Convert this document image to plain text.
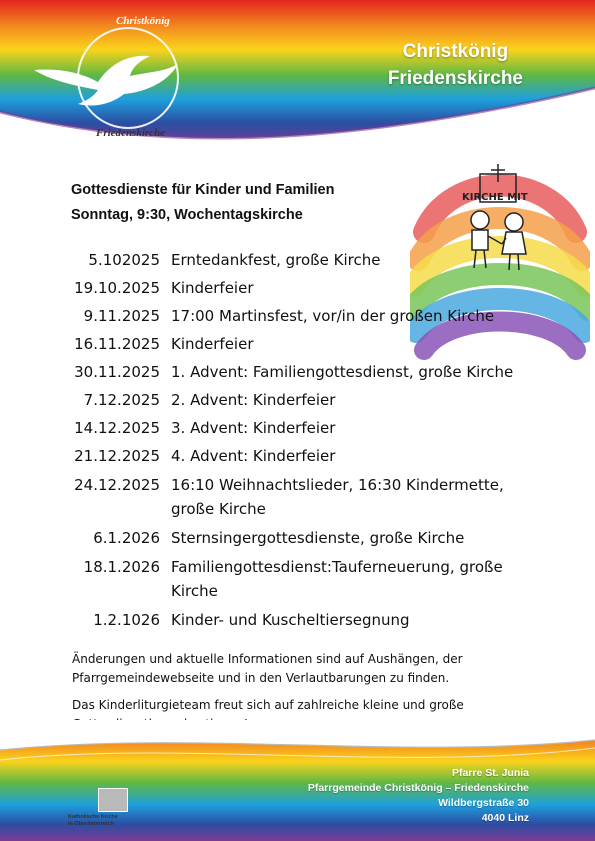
Christkönig
Friedenskirche
Christkönig
Friedenskirche
KIRCHE MIT
Gottesdienste für Kinder und Familien
Sonntag, 9:30, Wochentagskirche
5.102025 Erntedankfest, große Kirche
19.10.2025 Kinderfeier
9.11.2025 17:00 Martinsfest, vor/in der großen Kirche
16.11.2025 Kinderfeier
30.11.2025 1. Advent: Familiengottesdienst, große Kirche
7.12.2025 2. Advent: Kinderfeier
14.12.2025 3. Advent: Kinderfeier
21.12.2025 4. Advent: Kinderfeier
24.12.2025 16:10 Weihnachtslieder, 16:30 Kindermette, große Kirche
6.1.2026 Sternsingergottesdienste, große Kirche
18.1.2026 Familiengottesdienst:Tauferneuerung, große Kirche
1.2.1026 Kinder- und Kuscheltiersegnung

Änderungen und aktuelle Informationen sind auf Aushängen, der Pfarrgemeindewebseite und in den Verlautbarungen zu finden.

Das Kinderliturgieteam freut sich auf zahlreiche kleine und große

Pfarre St. Junia
Pfarrgemeinde Christkönig – Friedenskirche
Wildbergstraße 30
4040 Linz
Katholische Kirche
in Oberösterreich
